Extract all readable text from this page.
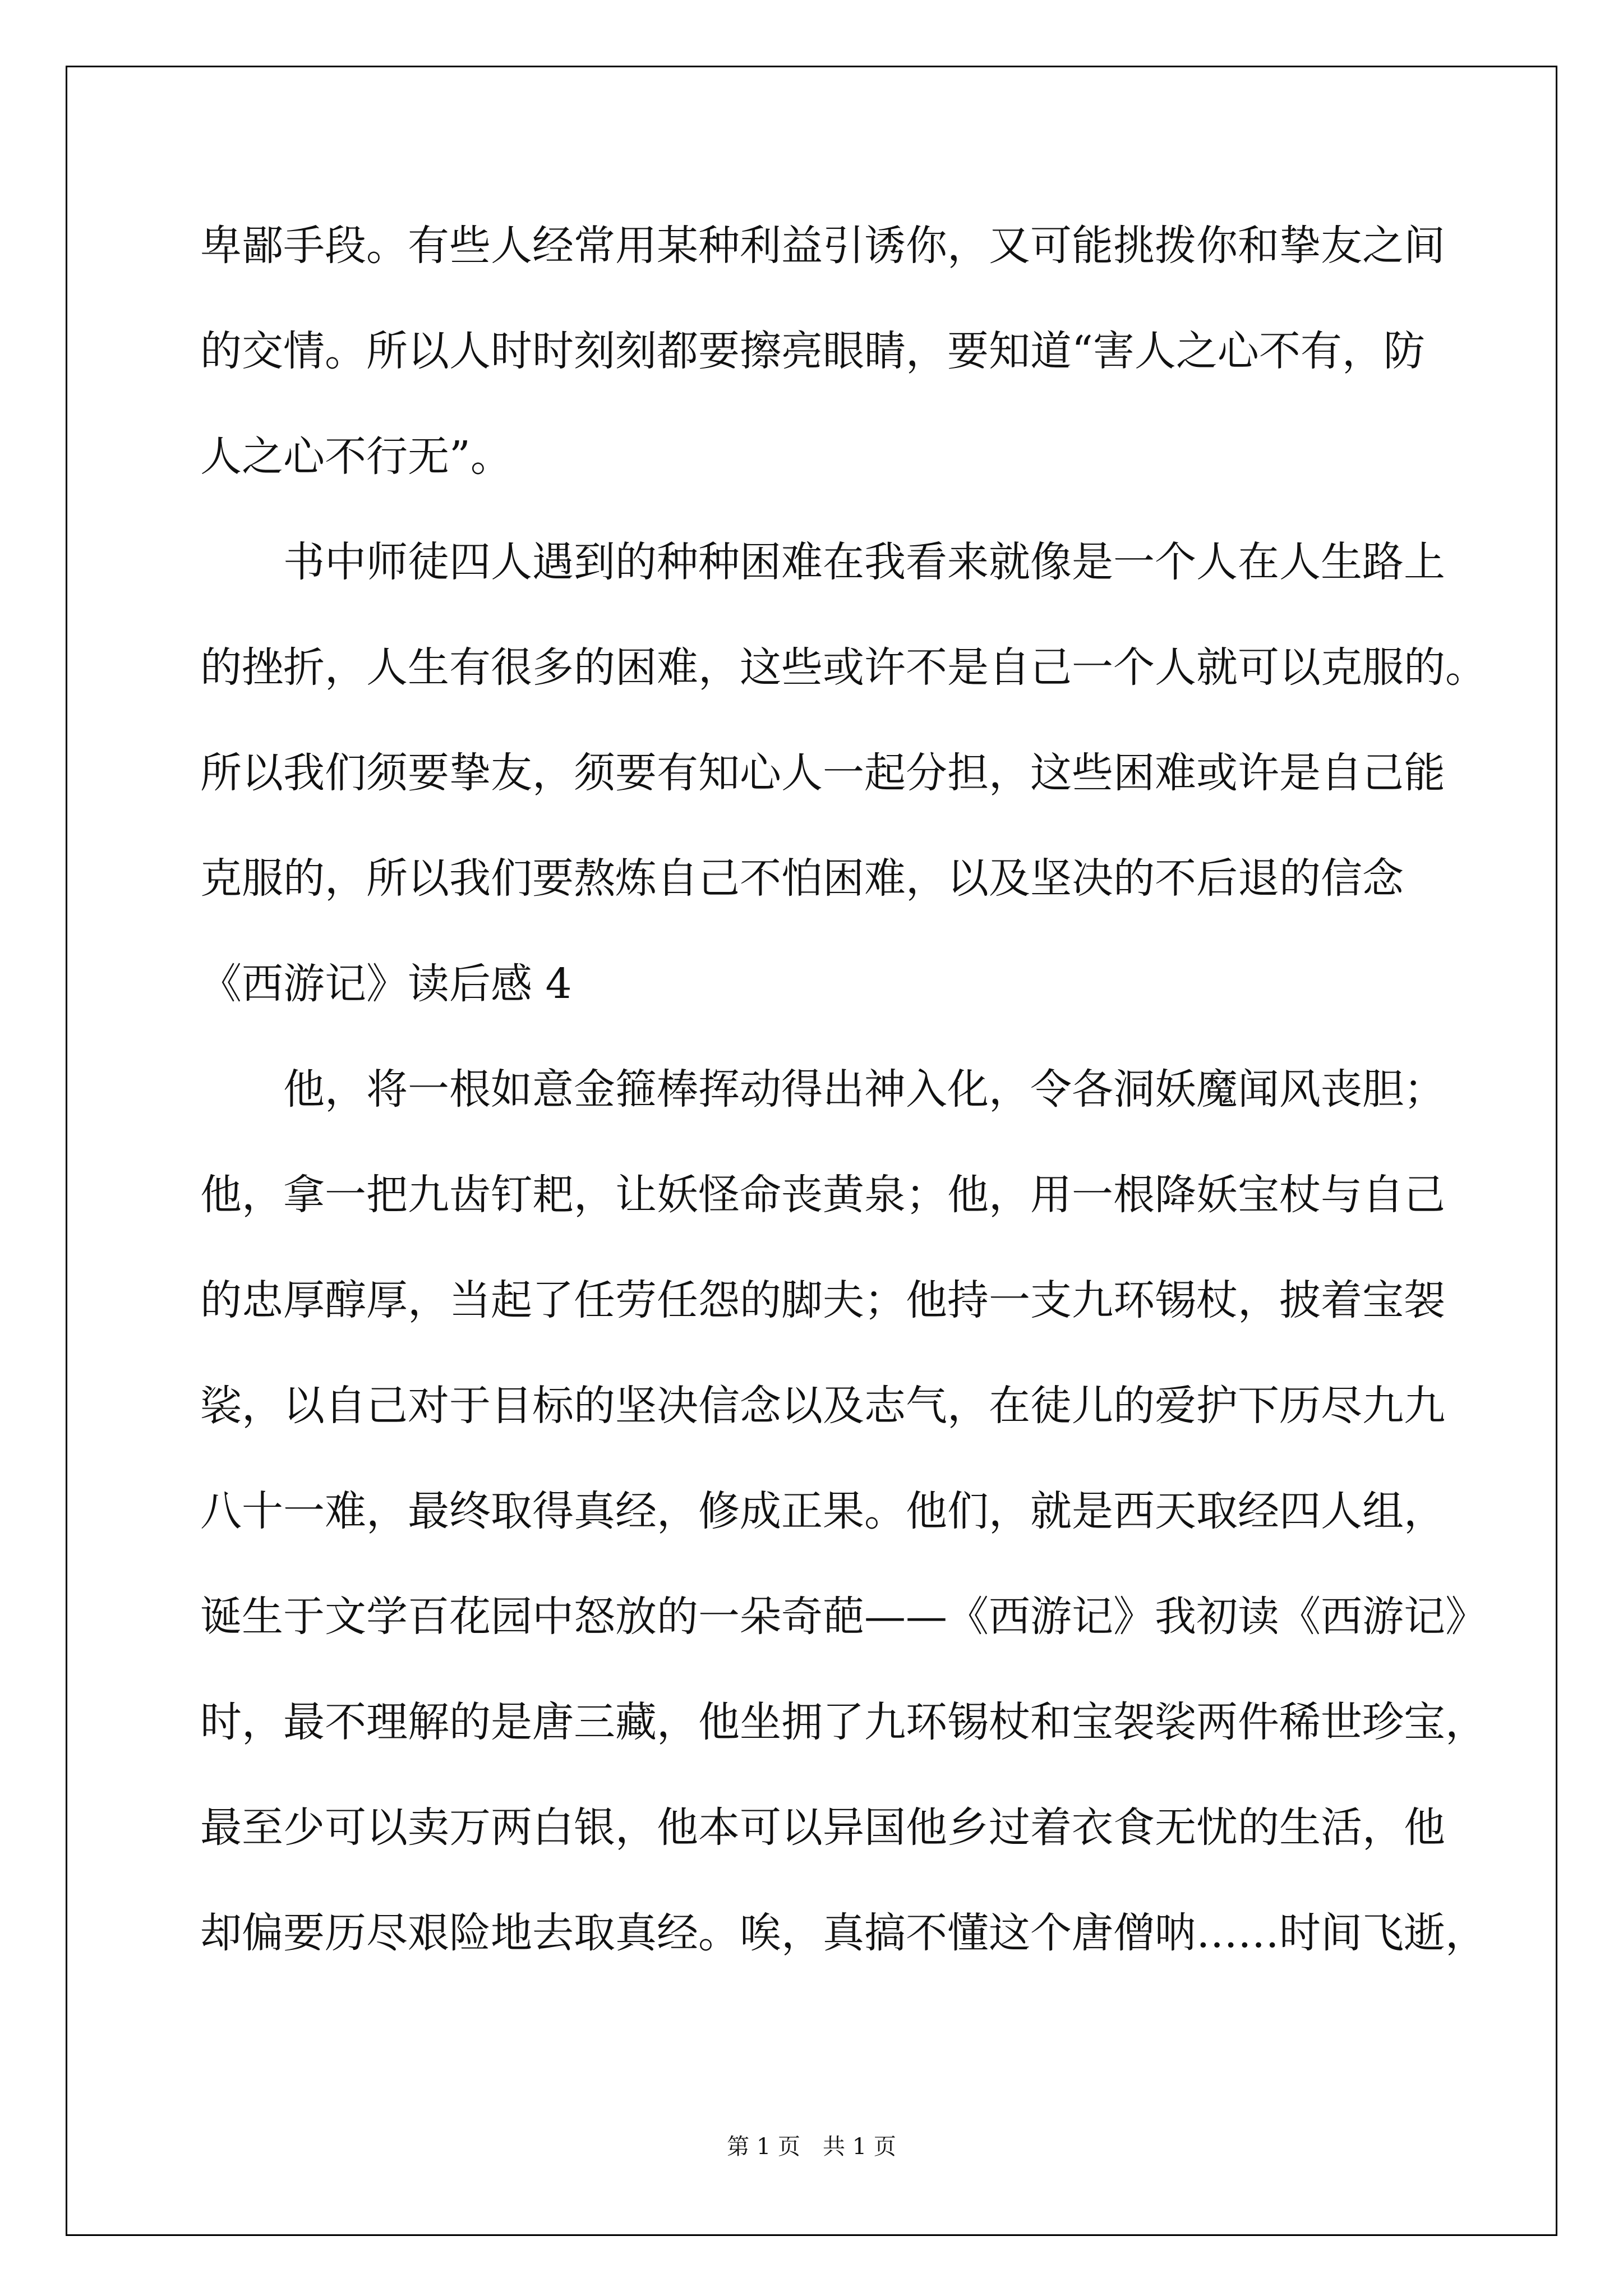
卑鄙手段。有些人经常用某种利益引诱你，又可能挑拨你和挚友之间
的交情。所以人时时刻刻都要擦亮眼睛，要知道“害人之心不有，防
人之心不行无”。
　　书中师徒四人遇到的种种困难在我看来就像是一个人在人生路上
的挫折，人生有很多的困难，这些或许不是自己一个人就可以克服的。
所以我们须要挚友，须要有知心人一起分担，这些困难或许是自己能
克服的，所以我们要熬炼自己不怕困难，以及坚决的不后退的信念
《西游记》读后感 4
　　他，将一根如意金箍棒挥动得出神入化，令各洞妖魔闻风丧胆；
他，拿一把九齿钉耙，让妖怪命丧黄泉；他，用一根降妖宝杖与自己
的忠厚醇厚，当起了任劳任怨的脚夫；他持一支九环锡杖，披着宝袈
裟，以自己对于目标的坚决信念以及志气，在徒儿的爱护下历尽九九
八十一难，最终取得真经，修成正果。他们，就是西天取经四人组，
诞生于文学百花园中怒放的一朵奇葩——《西游记》我初读《西游记》
时，最不理解的是唐三藏，他坐拥了九环锡杖和宝袈裟两件稀世珍宝，
最至少可以卖万两白银，他本可以异国他乡过着衣食无忧的生活，他
却偏要历尽艰险地去取真经。唉，真搞不懂这个唐僧呐……时间飞逝，
第 1 页　共 1 页
